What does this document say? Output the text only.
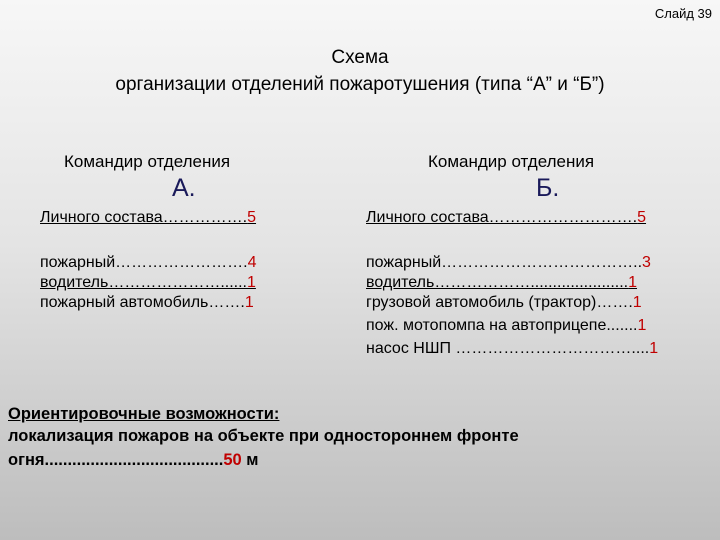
Слайд 39
Схема
организации отделений пожаротушения (типа “А” и “Б”)
Командир отделения
А.
Личного состава…………….5
пожарный…………………….4
водитель…………………......1
пожарный автомобиль…….1
Командир отделения
Б.
Личного состава……………………….5
пожарный………………………………..3
водитель………………......................1
грузовой автомобиль (трактор)…….1
пож. мотопомпа на автоприцепе.......1
насос НШП ……………………………....1
Ориентировочные возможности:
локализация пожаров на объекте при одностороннем фронте
огня.......................................50 м
